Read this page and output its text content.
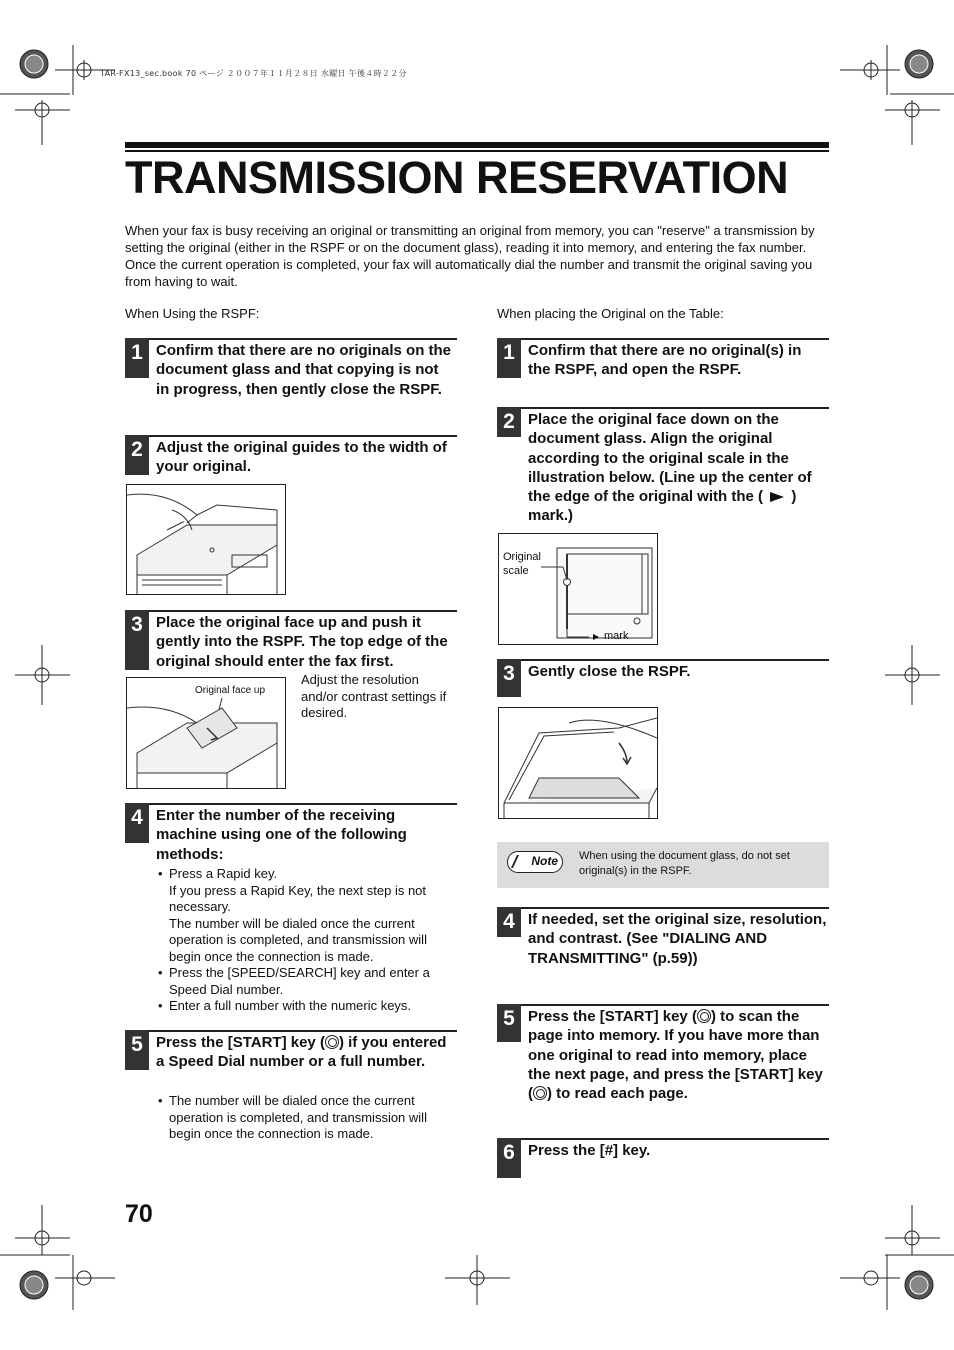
TAR-FX13_sec.book 70 ページ ２００７年１１月２８日 水曜日 午後４時２２分
TRANSMISSION RESERVATION
When your fax is busy receiving an original or transmitting an original from memory, you can "reserve" a transmission by setting the original (either in the RSPF or on the document glass), reading it into memory, and entering the fax number. Once the current operation is completed, your fax will automatically dial the number and transmit the original saving you from having to wait.
When Using the RSPF:
1 Confirm that there are no originals on the document glass and that copying is not in progress, then gently close the RSPF.
2 Adjust the original guides to the width of your original.
3 Place the original face up and push it gently into the RSPF. The top edge of the original should enter the fax first.
Original face up
Adjust the resolution and/or contrast settings if desired.
4 Enter the number of the receiving machine using one of the following methods:
• Press a Rapid key.
If you press a Rapid Key, the next step is not necessary.
The number will be dialed once the current operation is completed, and transmission will begin once the connection is made.
• Press the [SPEED/SEARCH] key and enter a Speed Dial number.
• Enter a full number with the numeric keys.
5 Press the [START] key ( ) if you entered a Speed Dial number or a full number.
• The number will be dialed once the current operation is completed, and transmission will begin once the connection is made.
When placing the Original on the Table:
1 Confirm that there are no original(s) in the RSPF, and open the RSPF.
2 Place the original face down on the document glass. Align the original according to the original scale in the illustration below. (Line up the center of the edge of the original with the ( ) mark.)
Original
scale
mark
3 Gently close the RSPF.
Note	When using the document glass, do not set original(s) in the RSPF.
4 If needed, set the original size, resolution, and contrast. (See "DIALING AND TRANSMITTING" (p.59))
5 Press the [START] key ( ) to scan the page into memory. If you have more than one original to read into memory, place the next page, and press the [START] key ( ) to read each page.
6 Press the [#] key.
70
